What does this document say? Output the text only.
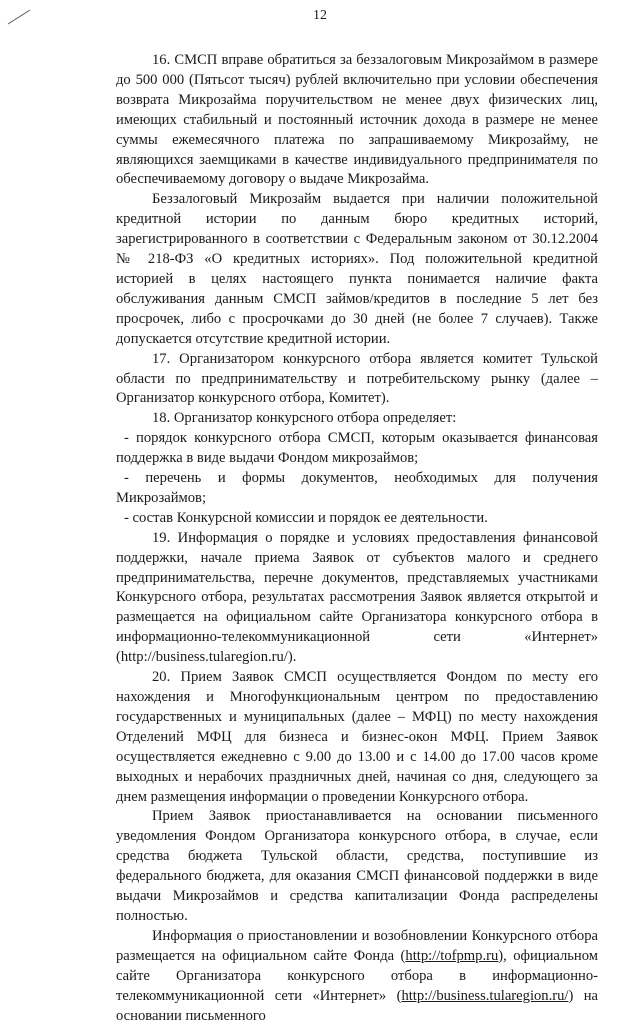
12

16. СМСП вправе обратиться за беззалоговым Микрозаймом в размере до 500 000 (Пятьсот тысяч) рублей включительно при условии обеспечения возврата Микрозайма поручительством не менее двух физических лиц, имеющих стабильный и постоянный источник дохода в размере не менее суммы ежемесячного платежа по запрашиваемому Микрозайму, не являющихся заемщиками в качестве индивидуального предпринимателя по обеспечиваемому договору о выдаче Микрозайма.

Беззалоговый Микрозайм выдается при наличии положительной кредитной истории по данным бюро кредитных историй, зарегистрированного в соответствии с Федеральным законом от 30.12.2004 № 218-ФЗ «О кредитных историях». Под положительной кредитной историей в целях настоящего пункта понимается наличие факта обслуживания данным СМСП займов/кредитов в последние 5 лет без просрочек, либо с просрочками до 30 дней (не более 7 случаев). Также допускается отсутствие кредитной истории.

17. Организатором конкурсного отбора является комитет Тульской области по предпринимательству и потребительскому рынку (далее – Организатор конкурсного отбора, Комитет).

18. Организатор конкурсного отбора определяет:

- порядок конкурсного отбора СМСП, которым оказывается финансовая поддержка в виде выдачи Фондом микрозаймов;

- перечень и формы документов, необходимых для получения Микрозаймов;

- состав Конкурсной комиссии и порядок ее деятельности.

19. Информация о порядке и условиях предоставления финансовой поддержки, начале приема Заявок от субъектов малого и среднего предпринимательства, перечне документов, представляемых участниками Конкурсного отбора, результатах рассмотрения Заявок является открытой и размещается на официальном сайте Организатора конкурсного отбора в информационно-телекоммуникационной сети «Интернет» (http://business.tularegion.ru/).

20. Прием Заявок СМСП осуществляется Фондом по месту его нахождения и Многофункциональным центром по предоставлению государственных и муниципальных (далее – МФЦ) по месту нахождения Отделений МФЦ для бизнеса и бизнес-окон МФЦ. Прием Заявок осуществляется ежедневно с 9.00 до 13.00 и с 14.00 до 17.00 часов кроме выходных и нерабочих праздничных дней, начиная со дня, следующего за днем размещения информации о проведении Конкурсного отбора.

Прием Заявок приостанавливается на основании письменного уведомления Фондом Организатора конкурсного отбора, в случае, если средства бюджета Тульской области, средства, поступившие из федерального бюджета, для оказания СМСП финансовой поддержки в виде выдачи Микрозаймов и средства капитализации Фонда распределены полностью.

Информация о приостановлении и возобновлении Конкурсного отбора размещается на официальном сайте Фонда (http://tofpmp.ru), официальном сайте Организатора конкурсного отбора в информационно-телекоммуникационной сети «Интернет» (http://business.tularegion.ru/) на основании письменного
